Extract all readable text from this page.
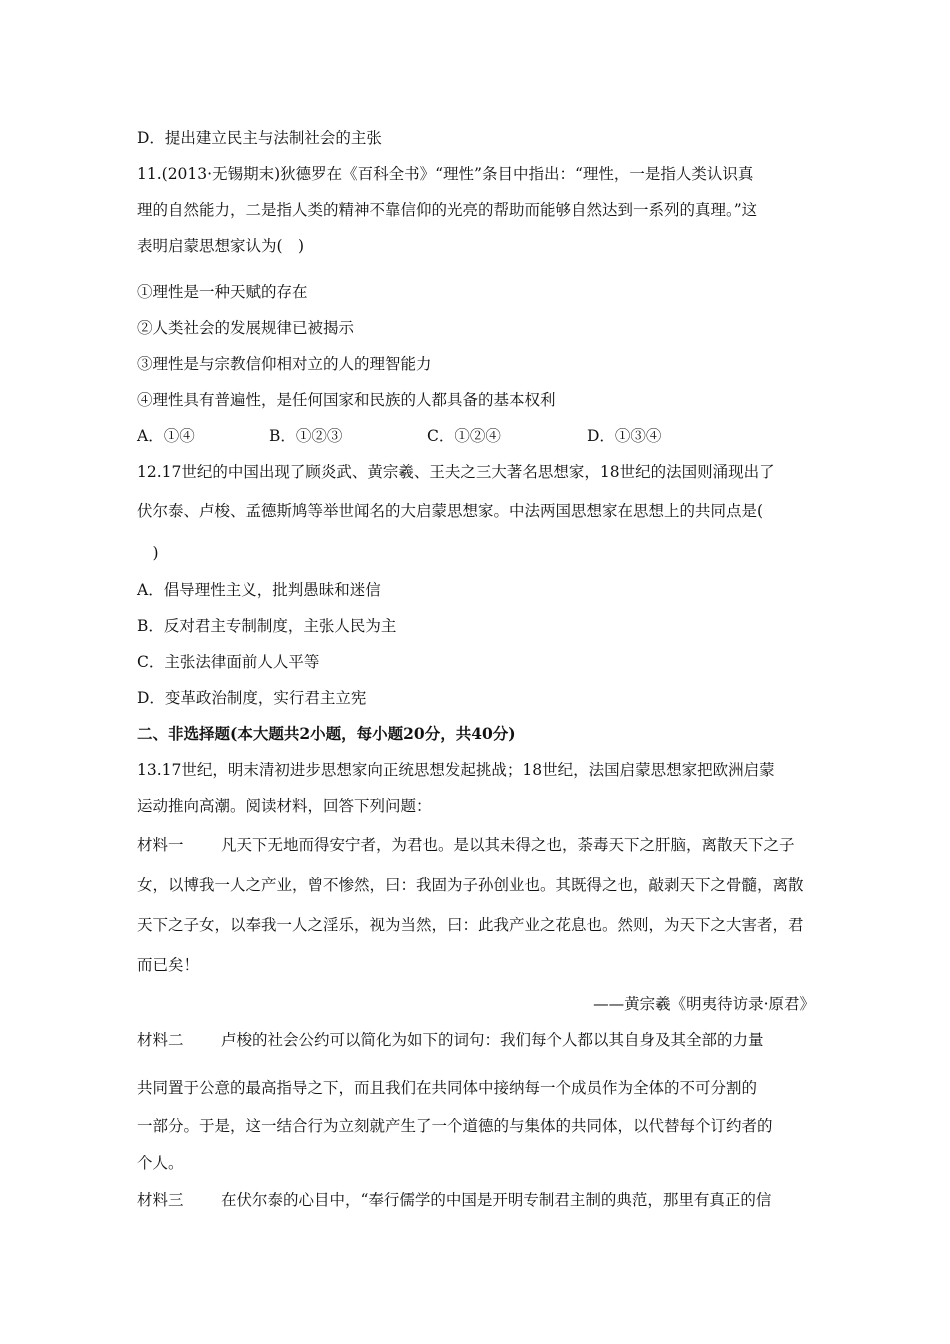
D．提出建立民主与法制社会的主张
11.(2013·无锡期末)狄德罗在《百科全书》“理性”条目中指出：“理性，一是指人类认识真
理的自然能力，二是指人类的精神不靠信仰的光亮的帮助而能够自然达到一系列的真理。”这
表明启蒙思想家认为(　)
①理性是一种天赋的存在
②人类社会的发展规律已被揭示
③理性是与宗教信仰相对立的人的理智能力
④理性具有普遍性，是任何国家和民族的人都具备的基本权利
A．①④	B．①②③	C．①②④	D．①③④
12.17世纪的中国出现了顾炎武、黄宗羲、王夫之三大著名思想家，18世纪的法国则涌现出了
伏尔泰、卢梭、孟德斯鸠等举世闻名的大启蒙思想家。中法两国思想家在思想上的共同点是(
　)
A．倡导理性主义，批判愚昧和迷信
B．反对君主专制制度，主张人民为主
C．主张法律面前人人平等
D．变革政治制度，实行君主立宪
二、非选择题(本大题共2小题，每小题20分，共40分)
13.17世纪，明末清初进步思想家向正统思想发起挑战；18世纪，法国启蒙思想家把欧洲启蒙
运动推向高潮。阅读材料，回答下列问题：
材料一 凡天下无地而得安宁者，为君也。是以其未得之也，荼毒天下之肝脑，离散天下之子
女，以博我一人之产业，曾不惨然，曰：我固为子孙创业也。其既得之也，敲剥天下之骨髓，离散
天下之子女，以奉我一人之淫乐，视为当然，曰：此我产业之花息也。然则，为天下之大害者，君
而已矣！
——黄宗羲《明夷待访录·原君》
材料二 卢梭的社会公约可以简化为如下的词句：我们每个人都以其自身及其全部的力量
共同置于公意的最高指导之下，而且我们在共同体中接纳每一个成员作为全体的不可分割的
一部分。于是，这一结合行为立刻就产生了一个道德的与集体的共同体，以代替每个订约者的
个人。
材料三 在伏尔泰的心目中，“奉行儒学的中国是开明专制君主制的典范，那里有真正的信
